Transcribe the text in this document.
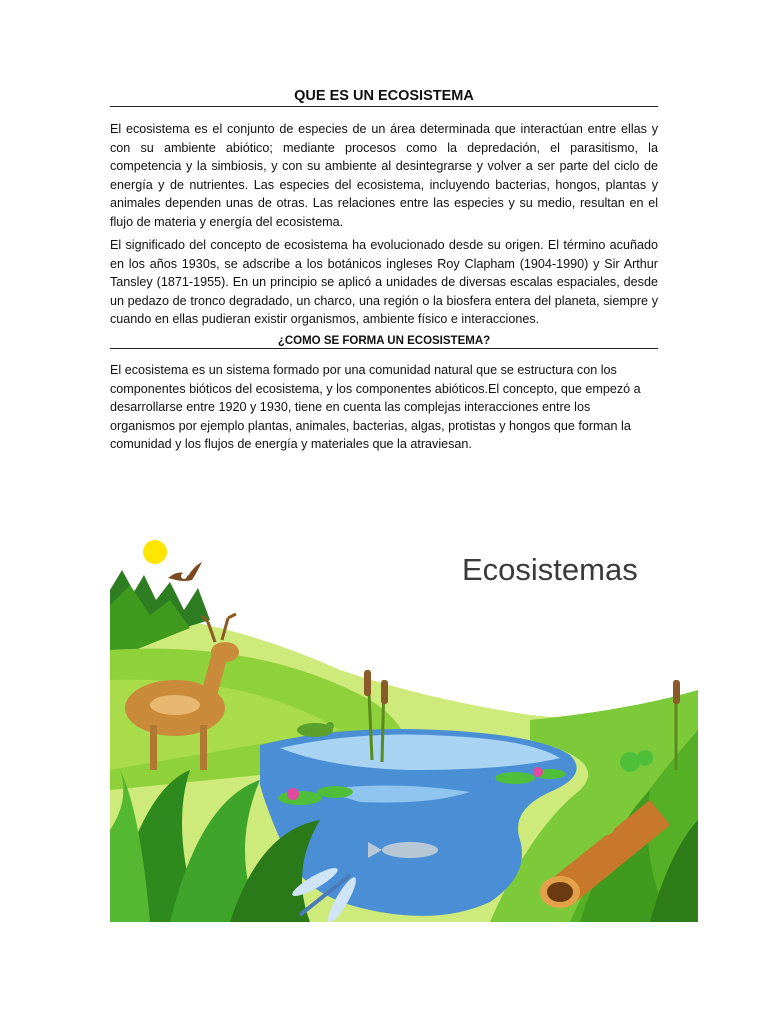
QUE ES UN ECOSISTEMA

El ecosistema es el conjunto de especies de un área determinada que interactúan entre ellas y con su ambiente abiótico; mediante procesos como la depredación, el parasitismo, la competencia y la simbiosis, y con su ambiente al desintegrarse y volver a ser parte del ciclo de energía y de nutrientes. Las especies del ecosistema, incluyendo bacterias, hongos, plantas y animales dependen unas de otras. Las relaciones entre las especies y su medio, resultan en el flujo de materia y energía del ecosistema.

El significado del concepto de ecosistema ha evolucionado desde su origen. El término acuñado en los años 1930s, se adscribe a los botánicos ingleses Roy Clapham (1904-1990) y Sir Arthur Tansley (1871-1955). En un principio se aplicó a unidades de diversas escalas espaciales, desde un pedazo de tronco degradado, un charco, una región o la biosfera entera del planeta, siempre y cuando en ellas pudieran existir organismos, ambiente físico e interacciones.

¿COMO SE FORMA UN ECOSISTEMA?

El ecosistema es un sistema formado por una comunidad natural que se estructura con los componentes bióticos del ecosistema, y los componentes abióticos.El concepto, que empezó a desarrollarse entre 1920 y 1930, tiene en cuenta las complejas interacciones entre los organismos por ejemplo plantas, animales, bacterias, algas, protistas y hongos que forman la comunidad y los flujos de energía y materiales que la atraviesan.

Ecosistemas
